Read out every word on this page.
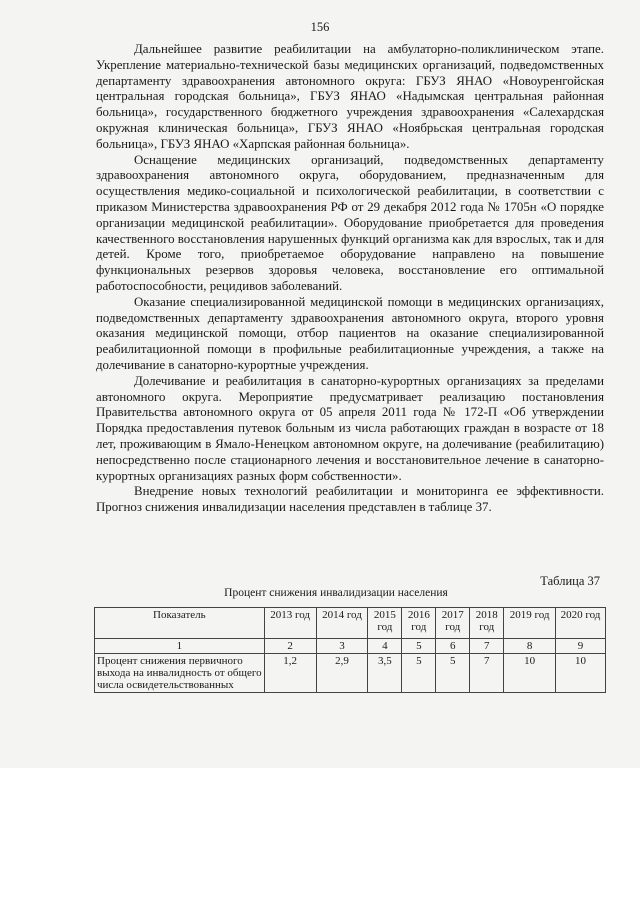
156

Дальнейшее развитие реабилитации на амбулаторно-поликлиническом этапе. Укрепление материально-технической базы медицинских организаций, подведомственных департаменту здравоохранения автономного округа: ГБУЗ ЯНАО «Новоуренгойская центральная городская больница», ГБУЗ ЯНАО «Надымская центральная районная больница», государственного бюджетного учреждения здравоохранения «Салехардская окружная клиническая больница», ГБУЗ ЯНАО «Ноябрьская центральная городская больница», ГБУЗ ЯНАО «Харпская районная больница».

Оснащение медицинских организаций, подведомственных департаменту здравоохранения автономного округа, оборудованием, предназначенным для осуществления медико-социальной и психологической реабилитации, в соответствии с приказом Министерства здравоохранения РФ от 29 декабря 2012 года № 1705н «О порядке организации медицинской реабилитации». Оборудование приобретается для проведения качественного восстановления нарушенных функций организма как для взрослых, так и для детей. Кроме того, приобретаемое оборудование направлено на повышение функциональных резервов здоровья человека, восстановление его оптимальной работоспособности, рецидивов заболеваний.

Оказание специализированной медицинской помощи в медицинских организациях, подведомственных департаменту здравоохранения автономного округа, второго уровня оказания медицинской помощи, отбор пациентов на оказание специализированной реабилитационной помощи в профильные реабилитационные учреждения, а также на долечивание в санаторно-курортные учреждения.

Долечивание и реабилитация в санаторно-курортных организациях за пределами автономного округа. Мероприятие предусматривает реализацию постановления Правительства автономного округа от 05 апреля 2011 года № 172-П «Об утверждении Порядка предоставления путевок больным из числа работающих граждан в возрасте от 18 лет, проживающим в Ямало-Ненецком автономном округе, на долечивание (реабилитацию) непосредственно после стационарного лечения и восстановительное лечение в санаторно-курортных организациях разных форм собственности».

Внедрение новых технологий реабилитации и мониторинга ее эффективности. Прогноз снижения инвалидизации населения представлен в таблице 37.

Таблица 37
Процент снижения инвалидизации населения
Показатель	2013 год	2014 год	2015 год	2016 год	2017 год	2018 год	2019 год	2020 год
1	2	3	4	5	6	7	8	9
Процент снижения первичного выхода на инвалидность от общего числа освидетельствованных	1,2	2,9	3,5	5	5	7	10	10
